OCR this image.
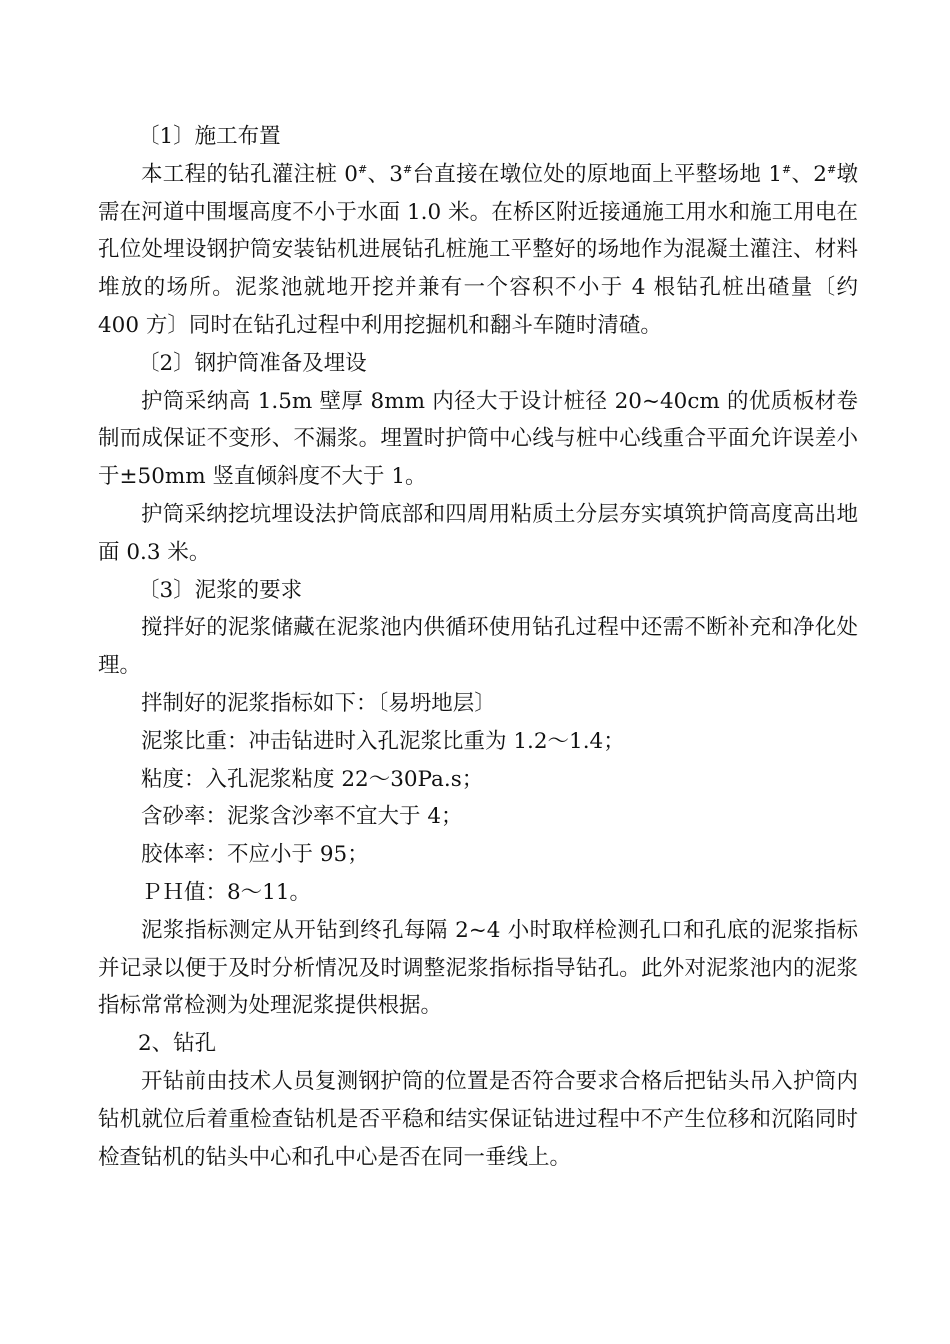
〔1〕施工布置

本工程的钻孔灌注桩 0#、3#台直接在墩位处的原地面上平整场地 1#、2#墩需在河道中围堰高度不小于水面 1.0 米。在桥区附近接通施工用水和施工用电在孔位处埋设钢护筒安装钻机进展钻孔桩施工平整好的场地作为混凝土灌注、材料堆放的场所。泥浆池就地开挖并兼有一个容积不小于 4 根钻孔桩出碴量〔约 400 方〕同时在钻孔过程中利用挖掘机和翻斗车随时清碴。

〔2〕钢护筒准备及埋设

护筒采纳高 1.5m 壁厚 8mm 内径大于设计桩径 20~40cm 的优质板材卷制而成保证不变形、不漏浆。埋置时护筒中心线与桩中心线重合平面允许误差小于±50mm 竖直倾斜度不大于 1。

护筒采纳挖坑埋设法护筒底部和四周用粘质土分层夯实填筑护筒高度高出地面 0.3 米。

〔3〕泥浆的要求

搅拌好的泥浆储藏在泥浆池内供循环使用钻孔过程中还需不断补充和净化处理。

拌制好的泥浆指标如下：〔易坍地层〕

泥浆比重：冲击钻进时入孔泥浆比重为 1.2～1.4；

粘度：入孔泥浆粘度 22～30Pa.s；

含砂率：泥浆含沙率不宜大于 4；

胶体率：不应小于 95；

ＰＨ值：8～11。

泥浆指标测定从开钻到终孔每隔 2~4 小时取样检测孔口和孔底的泥浆指标并记录以便于及时分析情况及时调整泥浆指标指导钻孔。此外对泥浆池内的泥浆指标常常检测为处理泥浆提供根据。

2、钻孔

开钻前由技术人员复测钢护筒的位置是否符合要求合格后把钻头吊入护筒内钻机就位后着重检查钻机是否平稳和结实保证钻进过程中不产生位移和沉陷同时检查钻机的钻头中心和孔中心是否在同一垂线上。
